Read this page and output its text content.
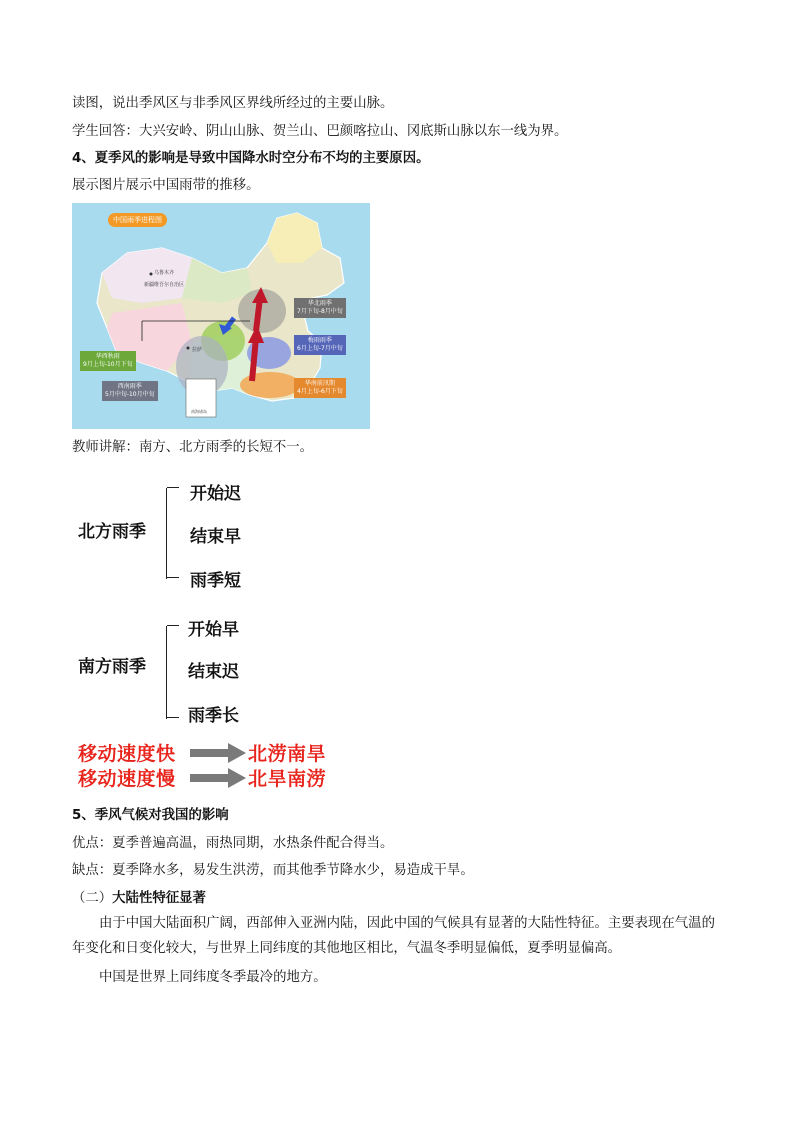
读图，说出季风区与非季风区界线所经过的主要山脉。
学生回答：大兴安岭、阴山山脉、贺兰山、巴颜喀拉山、冈底斯山脉以东一线为界。
4、夏季风的影响是导致中国降水时空分布不均的主要原因。
展示图片展示中国雨带的推移。
中国雨季进程图
乌鲁木齐
新疆维吾尔自治区
拉萨
南海诸岛
华北雨季
7月下旬-8月中旬
梅雨雨季
6月上旬-7月中旬
华南前汛期
4月上旬-6月下旬
华西秋雨
9月上旬-10月下旬
西南雨季
5月中旬-10月中旬
教师讲解：南方、北方雨季的长短不一。
北方雨季
开始迟
结束早
雨季短
南方雨季
开始早
结束迟
雨季长
移动速度快	北涝南旱
移动速度慢	北旱南涝
5、季风气候对我国的影响
优点：夏季普遍高温，雨热同期，水热条件配合得当。
缺点：夏季降水多，易发生洪涝，而其他季节降水少，易造成干旱。
（二）大陆性特征显著
由于中国大陆面积广阔，西部伸入亚洲内陆，因此中国的气候具有显著的大陆性特征。主要表现在气温的年变化和日变化较大，与世界上同纬度的其他地区相比，气温冬季明显偏低，夏季明显偏高。
中国是世界上同纬度冬季最冷的地方。
